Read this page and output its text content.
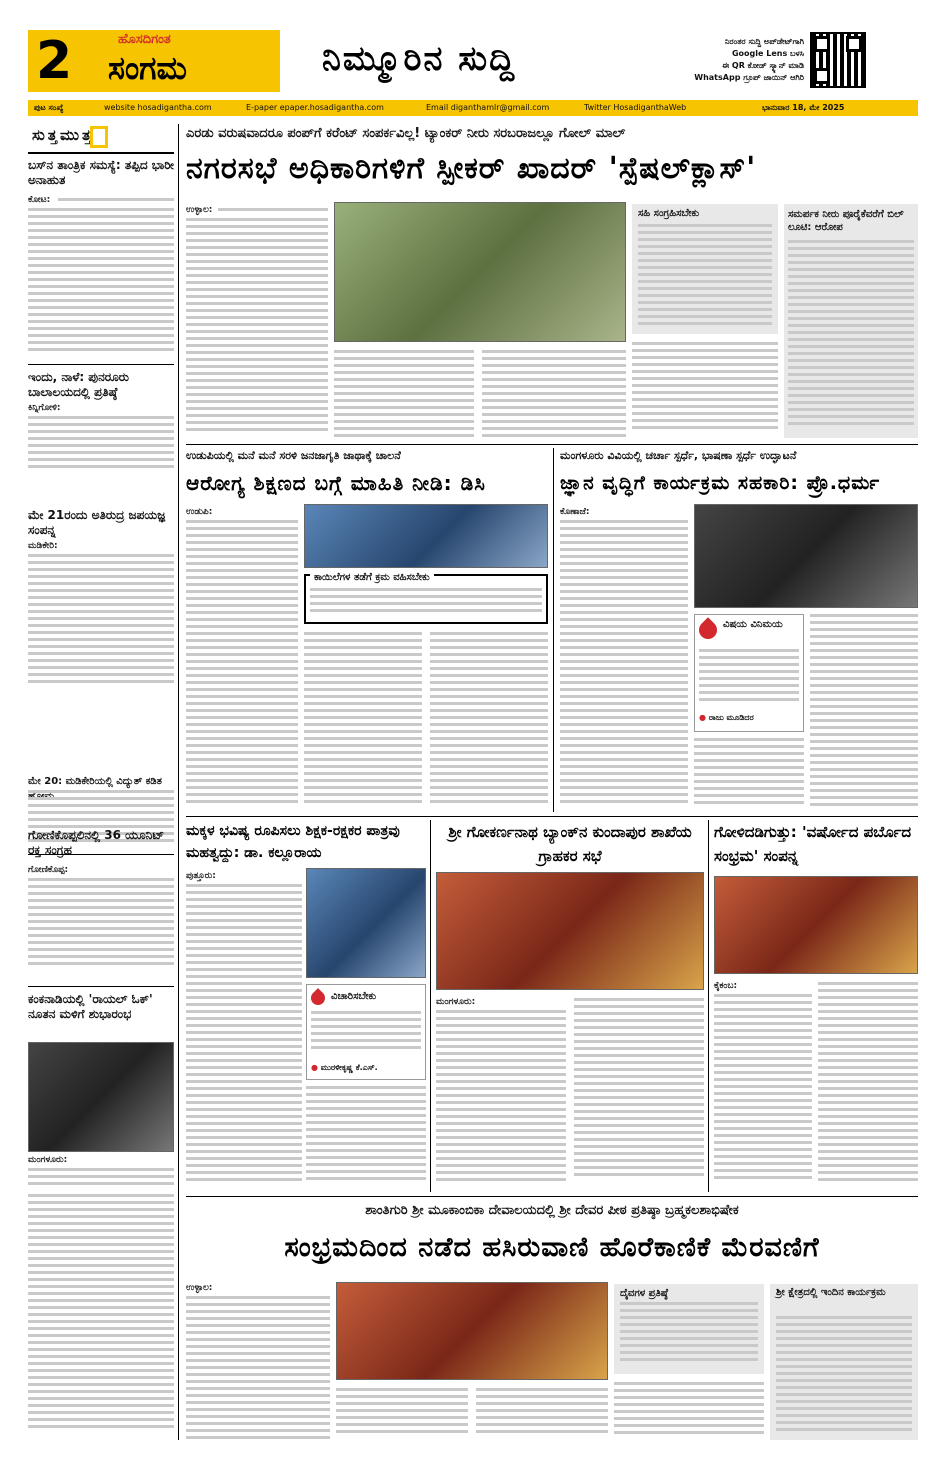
2	ಹೊಸದಿಗಂತ
ಸಂಗಮ	ನಿಮ್ಮೂರಿನ ಸುದ್ದಿ	ನಿರಂತರ ಸುದ್ದಿ ಅಪ್‌ಡೇಟ್‌ಗಾಗಿ
Google Lens ಬಳಸಿ
ಈ QR ಕೋಡ್ ಸ್ಕ್ಯಾನ್ ಮಾಡಿ
WhatsApp ಗ್ರೂಪ್ ಜಾಯಿನ್ ಆಗಿರಿ
ಪುಟ ಸಂಖ್ಯೆ	website hosadigantha.com	E-paper epaper.hosadigantha.com	Email diganthamlr@gmail.com	Twitter HosadiganthaWeb	ಭಾನುವಾರ 18, ಮೇ 2025
ಸುತ್ತಮುತ್ತ
ಬಸ್‌ನ ತಾಂತ್ರಿಕ ಸಮಸ್ಯೆ: ತಪ್ಪಿದ ಭಾರೀ ಅನಾಹುತ
ಕೋಟ:
ಇಂದು, ನಾಳೆ: ಪುನರೂರು ಬಾಲಾಲಯದಲ್ಲಿ ಪ್ರತಿಷ್ಠೆ
ಕಿನ್ನಿಗೋಳಿ:
ಮೇ 21ರಂದು ಅತಿರುದ್ರ ಜಪಯಜ್ಞ ಸಂಪನ್ನ
ಮಡಿಕೇರಿ:
ಮೇ 20: ಮಡಿಕೇರಿಯಲ್ಲಿ ವಿದ್ಯುತ್ ಕಡಿತ
ಗೋಣಿಕೊಪ್ಪಲಿನಲ್ಲಿ 36 ಯೂನಿಟ್ ರಕ್ತ ಸಂಗ್ರಹ
ಗೋಣಿಕೊಪ್ಪ:
ಕಂಕನಾಡಿಯಲ್ಲಿ 'ರಾಯಲ್ ಓಕ್' ನೂತನ ಮಳಿಗೆ ಶುಭಾರಂಭ
ಮಂಗಳೂರು:
ಎರಡು ವರುಷವಾದರೂ ಪಂಪ್‌ಗೆ ಕರೆಂಟ್ ಸಂಪರ್ಕವಿಲ್ಲ! ಟ್ಯಾಂಕರ್ ನೀರು ಸರಬರಾಜಲ್ಲೂ ಗೋಲ್ ಮಾಲ್
ನಗರಸಭೆ ಅಧಿಕಾರಿಗಳಿಗೆ ಸ್ಪೀಕರ್ ಖಾದರ್ 'ಸ್ಪೆಷಲ್‌ಕ್ಲಾಸ್'
ಉಳ್ಳಾಲ:	ಸಹಿ ಸಂಗ್ರಹಿಸಬೇಕು	ಸಮರ್ಪಕ ನೀರು ಪೂರೈಕೆವರೆಗೆ ಬಿಲ್ ಲೂಟಿ: ಆರೋಪ
ಉಡುಪಿಯಲ್ಲಿ ಮನೆ ಮನೆ ಸರಳಿ ಜನಜಾಗೃತಿ ಜಾಥಾಕ್ಕೆ ಚಾಲನೆ
ಆರೋಗ್ಯ ಶಿಕ್ಷಣದ ಬಗ್ಗೆ ಮಾಹಿತಿ ನೀಡಿ: ಡಿಸಿ
ಉಡುಪಿ:
ಕಾಯಿಲೆಗಳ ತಡೆಗೆ ಕ್ರಮ ವಹಿಸಬೇಕು
ಮಂಗಳೂರು ವಿವಿಯಲ್ಲಿ ಚರ್ಚಾ ಸ್ಪರ್ಧೆ, ಭಾಷಣಾ ಸ್ಪರ್ಧೆ ಉದ್ಘಾಟನೆ
ಜ್ಞಾನ ವೃದ್ಧಿಗೆ ಕಾರ್ಯಕ್ರಮ ಸಹಕಾರಿ: ಪ್ರೊ.ಧರ್ಮ
ಕೊಣಾಜೆ:
ವಿಷಯ ವಿನಿಮಯ
● ರಾಜು ಮೂಡಿದರ
ಮಕ್ಕಳ ಭವಿಷ್ಯ ರೂಪಿಸಲು ಶಿಕ್ಷಕ-ರಕ್ಷಕರ ಪಾತ್ರವು ಮಹತ್ವದ್ದು: ಡಾ. ಕಲ್ಲೂರಾಯ
ಪುತ್ತೂರು:
ವಿಚಾರಿಸಬೇಕು
● ಮುರಳೀಕೃಷ್ಣ ಕೆ.ಎಸ್.
ಶ್ರೀ ಗೋಕರ್ಣನಾಥ ಬ್ಯಾಂಕ್‌ನ ಕುಂದಾಪುರ ಶಾಖೆಯ ಗ್ರಾಹಕರ ಸಭೆ
ಮಂಗಳೂರು:
ಗೋಳಿದಡಿಗುತ್ತು: 'ವರ್ಷೋದ ಪರ್ಬೊದ ಸಂಭ್ರಮ' ಸಂಪನ್ನ
ಕೈಕಂಬ:
ಶಾಂತಿಗುರಿ ಶ್ರೀ ಮೂಕಾಂಬಿಕಾ ದೇವಾಲಯದಲ್ಲಿ ಶ್ರೀ ದೇವರ ಪೀಠ ಪ್ರತಿಷ್ಠಾ ಬ್ರಹ್ಮಕಲಶಾಭಿಷೇಕ
ಸಂಭ್ರಮದಿಂದ ನಡೆದ ಹಸಿರುವಾಣಿ ಹೊರೆಕಾಣಿಕೆ ಮೆರವಣಿಗೆ
ಉಳ್ಳಾಲ:	ದೈವಗಳ ಪ್ರತಿಷ್ಠೆ	ಶ್ರೀ ಕ್ಷೇತ್ರದಲ್ಲಿ ಇಂದಿನ ಕಾರ್ಯಕ್ರಮ
